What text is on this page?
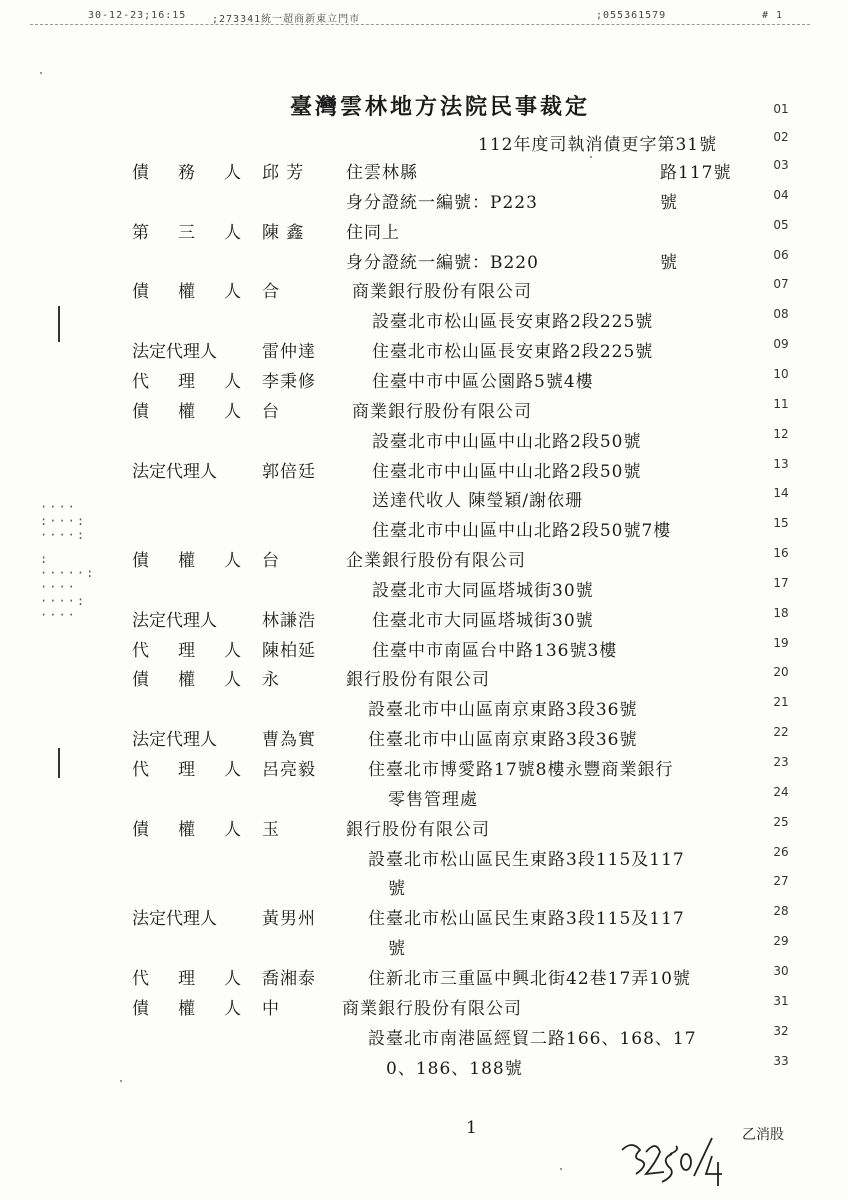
30-12-23;16:15	;273341統一超商新東立門市	;055361579	# 1
臺灣雲林地方法院民事裁定	01
112年度司執消債更字第31號	02
債 務 人 邱 芳 住雲林縣	路117號	03
身分證統一編號：P223	號	04
第 三 人 陳 鑫 住同上	05
身分證統一編號：B220	號	06
債 權 人 合	商業銀行股份有限公司	07
設臺北市松山區長安東路2段225號	08
法定代理人	雷仲達	住臺北市松山區長安東路2段225號	09
代 理 人 李秉修	住臺中市中區公園路5號4樓	10
債 權 人 台	商業銀行股份有限公司	11
設臺北市中山區中山北路2段50號	12
法定代理人	郭倍廷	住臺北市中山區中山北路2段50號	13
送達代收人 陳瑩穎/謝依珊	14
住臺北市中山區中山北路2段50號7樓	15
債 權 人 台	企業銀行股份有限公司	16
設臺北市大同區塔城街30號	17
法定代理人	林謙浩	住臺北市大同區塔城街30號	18
代 理 人 陳柏延	住臺中市南區台中路136號3樓	19
債 權 人 永	銀行股份有限公司	20
設臺北市中山區南京東路3段36號	21
法定代理人	曹為實	住臺北市中山區南京東路3段36號	22
代 理 人 呂亮毅	住臺北市博愛路17號8樓永豐商業銀行	23
零售管理處	24
債 權 人 玉	銀行股份有限公司	25
設臺北市松山區民生東路3段115及117	26
號	27
法定代理人	黃男州	住臺北市松山區民生東路3段115及117	28
號	29
代 理 人 喬湘泰	住新北市三重區中興北街42巷17弄10號	30
債 權 人 中	商業銀行股份有限公司	31
設臺北市南港區經貿二路166、168、17	32
0、186、188號	33
····
:···:
····:
:
·····:
····
····:
····
1	乙消股
